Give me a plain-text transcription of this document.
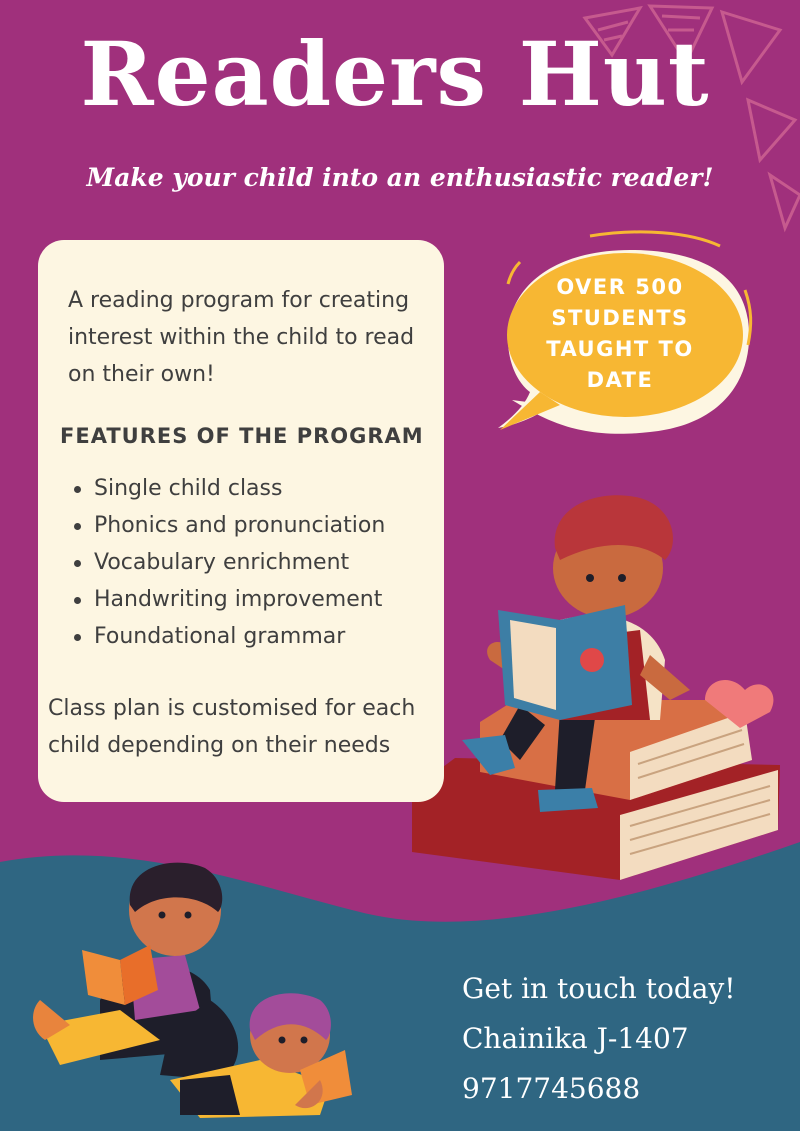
Readers Hut

Make your child into an enthusiastic reader!

A reading program for creating interest within the child to read on their own!

FEATURES OF THE PROGRAM
Single child class
Phonics and pronunciation
Vocabulary enrichment
Handwriting improvement
Foundational grammar

Class plan is customised for each child depending on their needs

OVER 500 STUDENTS TAUGHT TO DATE

Get in touch today!

Chainika J-1407

9717745688
